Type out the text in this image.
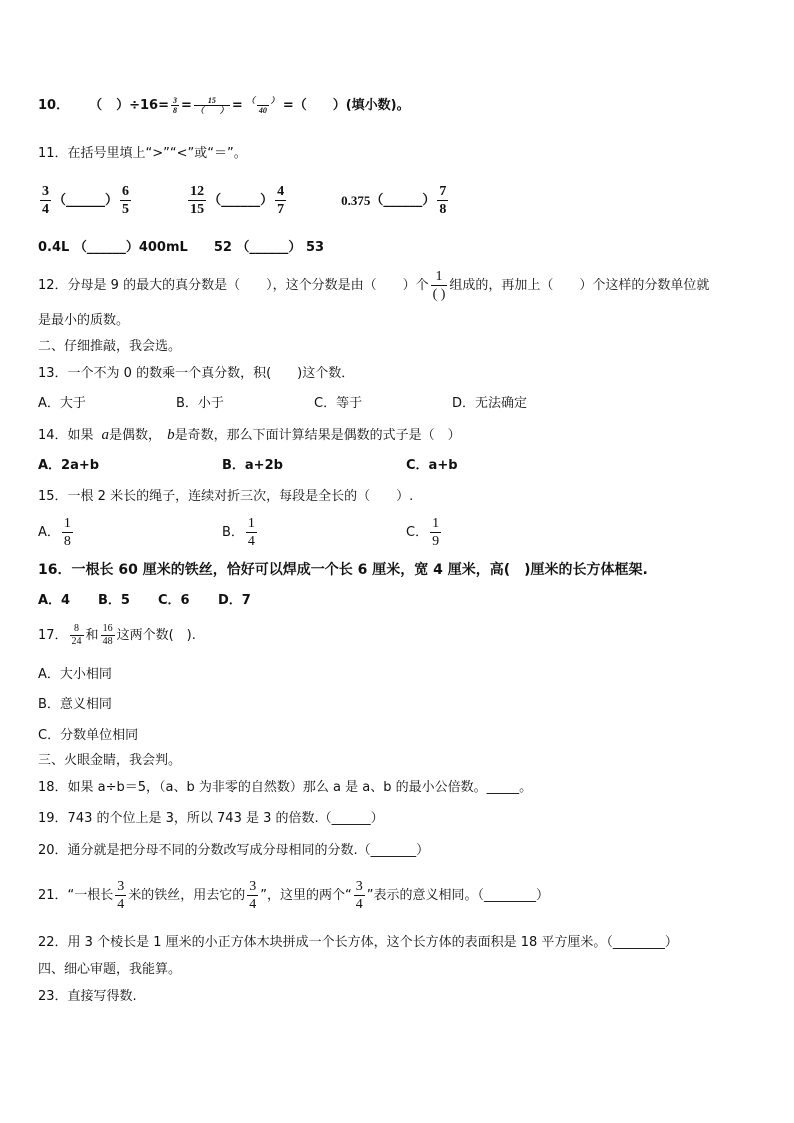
10． （ ）$\div 16= \frac{3}{8} = \frac{15}{( )} = \frac{( )}{40}$ =（　　）(填小数)。
11．在括号里填上“>”“<”或“＝”。
$\frac{3}{4}$ （______） $\frac{6}{5}$
	$\frac{12}{15}$ （______） $\frac{4}{7}$	0.375（______） $\frac{7}{8}$
0.4L （______）400mL 52 （______） 53
12．分母是 9 的最大的真分数是（　　），这个分数是由（　　）个 $\frac{1}{( )}$ 组成的，再加上（　　）个这样的分数单位就
是最小的质数。
二、仔细推敲，我会选。
13．一个不为 0 的数乘一个真分数，积(　　)这个数．
A．大于	B．小于	C．等于	D．无法确定
14．如果 a是偶数， b是奇数，那么下面计算结果是偶数的式子是（　）
A．2a+b	B．a+2b	C．a+b
15．一根 2 米长的绳子，连续对折三次，每段是全长的（　　）.
A． $\frac{1}{8}$	B． $\frac{1}{4}$	C． $\frac{1}{9}$
16．一根长 60 厘米的铁丝，恰好可以焊成一个长 6 厘米，宽 4 厘米，高(　)厘米的长方体框架.
A．4 B．5 C．6 D．7
17． $\frac{8}{24}$ 和 $\frac{16}{48}$ 这两个数(　).
A．大小相同
B．意义相同
C．分数单位相同
三、火眼金睛，我会判。
18．如果 a÷b＝5，（a、b 为非零的自然数）那么 a 是 a、b 的最小公倍数。_____。
19．743 的个位上是 3，所以 743 是 3 的倍数.（______）
20．通分就是把分母不同的分数改写成分母相同的分数.（_______）
21．“一根长 $\frac{3}{4}$ 米的铁丝，用去它的 $\frac{3}{4}$ ”，这里的两个“ $\frac{3}{4}$ ”表示的意义相同。（________）
22．用 3 个棱长是 1 厘米的小正方体木块拼成一个长方体，这个长方体的表面积是 18 平方厘米。（________）
四、细心审题，我能算。
23．直接写得数.
